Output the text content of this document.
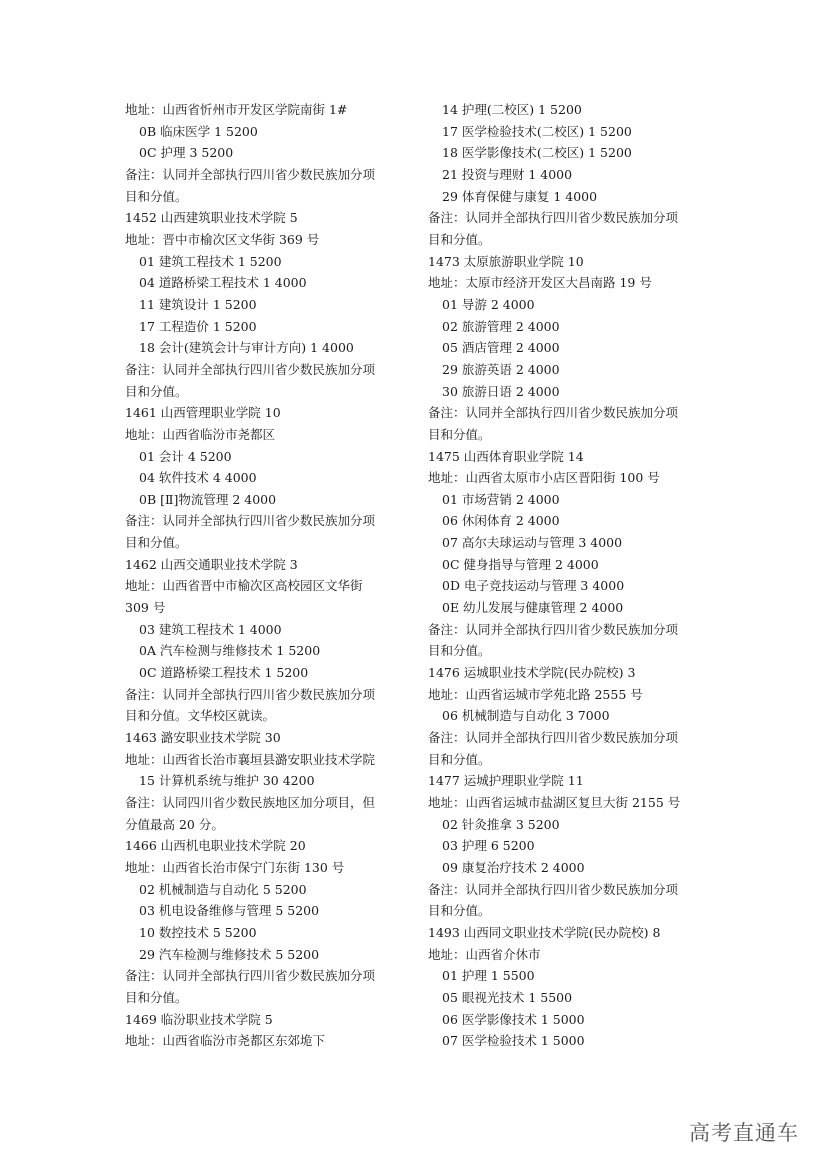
地址：山西省忻州市开发区学院南街 1#
0B 临床医学 1 5200
0C 护理 3 5200
备注：认同并全部执行四川省少数民族加分项
目和分值。
1452 山西建筑职业技术学院 5
地址：晋中市榆次区文华街 369 号
01 建筑工程技术 1 5200
04 道路桥梁工程技术 1 4000
11 建筑设计 1 5200
17 工程造价 1 5200
18 会计(建筑会计与审计方向) 1 4000
备注：认同并全部执行四川省少数民族加分项
目和分值。
1461 山西管理职业学院 10
地址：山西省临汾市尧都区
01 会计 4 5200
04 软件技术 4 4000
0B [Ⅱ]物流管理 2 4000
备注：认同并全部执行四川省少数民族加分项
目和分值。
1462 山西交通职业技术学院 3
地址：山西省晋中市榆次区高校园区文华街
309 号
03 建筑工程技术 1 4000
0A 汽车检测与维修技术 1 5200
0C 道路桥梁工程技术 1 5200
备注：认同并全部执行四川省少数民族加分项
目和分值。文华校区就读。
1463 潞安职业技术学院 30
地址：山西省长治市襄垣县潞安职业技术学院
15 计算机系统与维护 30 4200
备注：认同四川省少数民族地区加分项目，但
分值最高 20 分。
1466 山西机电职业技术学院 20
地址：山西省长治市保宁门东街 130 号
02 机械制造与自动化 5 5200
03 机电设备维修与管理 5 5200
10 数控技术 5 5200
29 汽车检测与维修技术 5 5200
备注：认同并全部执行四川省少数民族加分项
目和分值。
1469 临汾职业技术学院 5
地址：山西省临汾市尧都区东郊垝下
14 护理(二校区) 1 5200
17 医学检验技术(二校区) 1 5200
18 医学影像技术(二校区) 1 5200
21 投资与理财 1 4000
29 体育保健与康复 1 4000
备注：认同并全部执行四川省少数民族加分项
目和分值。
1473 太原旅游职业学院 10
地址：太原市经济开发区大昌南路 19 号
01 导游 2 4000
02 旅游管理 2 4000
05 酒店管理 2 4000
29 旅游英语 2 4000
30 旅游日语 2 4000
备注：认同并全部执行四川省少数民族加分项
目和分值。
1475 山西体育职业学院 14
地址：山西省太原市小店区晋阳街 100 号
01 市场营销 2 4000
06 休闲体育 2 4000
07 高尔夫球运动与管理 3 4000
0C 健身指导与管理 2 4000
0D 电子竞技运动与管理 3 4000
0E 幼儿发展与健康管理 2 4000
备注：认同并全部执行四川省少数民族加分项
目和分值。
1476 运城职业技术学院(民办院校) 3
地址：山西省运城市学苑北路 2555 号
06 机械制造与自动化 3 7000
备注：认同并全部执行四川省少数民族加分项
目和分值。
1477 运城护理职业学院 11
地址：山西省运城市盐湖区复旦大街 2155 号
02 针灸推拿 3 5200
03 护理 6 5200
09 康复治疗技术 2 4000
备注：认同并全部执行四川省少数民族加分项
目和分值。
1493 山西同文职业技术学院(民办院校) 8
地址：山西省介休市
01 护理 1 5500
05 眼视光技术 1 5500
06 医学影像技术 1 5000
07 医学检验技术 1 5000
高考直通车
